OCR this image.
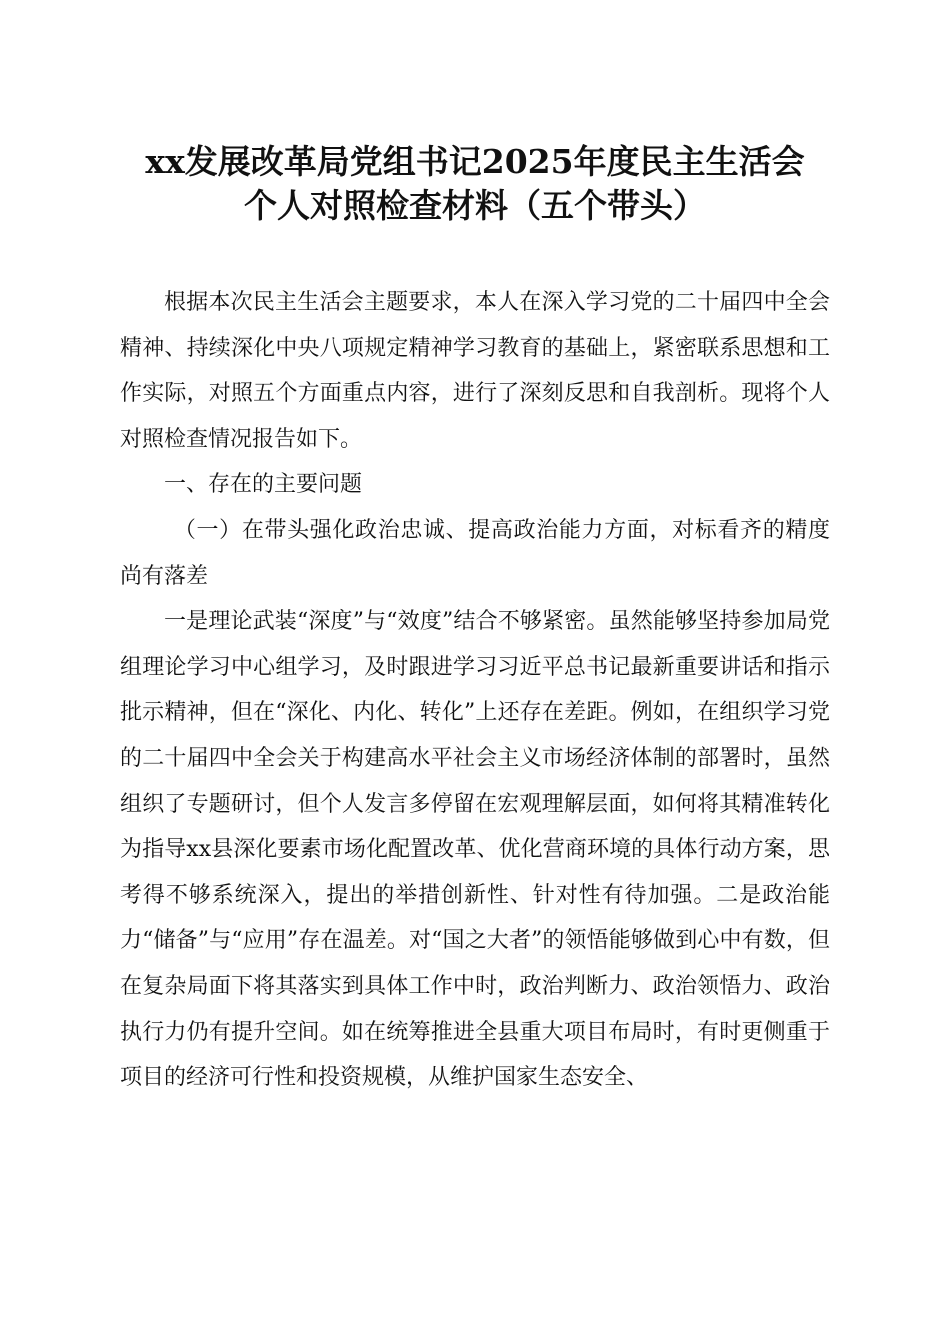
xx发展改革局党组书记2025年度民主生活会
个人对照检查材料（五个带头）

根据本次民主生活会主题要求，本人在深入学习党的二十届四中全会精神、持续深化中央八项规定精神学习教育的基础上，紧密联系思想和工作实际，对照五个方面重点内容，进行了深刻反思和自我剖析。现将个人对照检查情况报告如下。

一、存在的主要问题

（一）在带头强化政治忠诚、提高政治能力方面，对标看齐的精度尚有落差

一是理论武装“深度”与“效度”结合不够紧密。虽然能够坚持参加局党组理论学习中心组学习，及时跟进学习习近平总书记最新重要讲话和指示批示精神，但在“深化、内化、转化”上还存在差距。例如，在组织学习党的二十届四中全会关于构建高水平社会主义市场经济体制的部署时，虽然组织了专题研讨，但个人发言多停留在宏观理解层面，如何将其精准转化为指导xx县深化要素市场化配置改革、优化营商环境的具体行动方案，思考得不够系统深入，提出的举措创新性、针对性有待加强。二是政治能力“储备”与“应用”存在温差。对“国之大者”的领悟能够做到心中有数，但在复杂局面下将其落实到具体工作中时，政治判断力、政治领悟力、政治执行力仍有提升空间。如在统筹推进全县重大项目布局时，有时更侧重于项目的经济可行性和投资规模，从维护国家生态安全、
